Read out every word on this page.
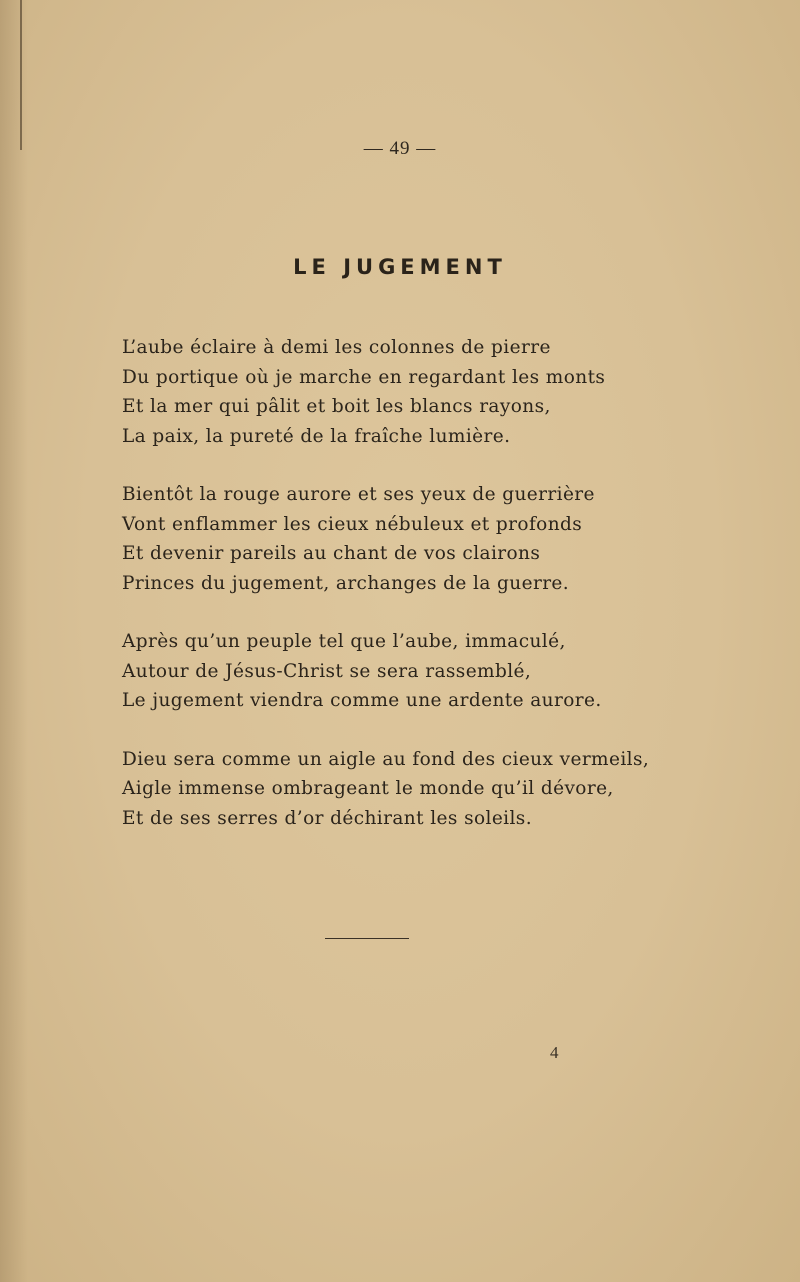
— 49 —
LE JUGEMENT
L’aube éclaire à demi les colonnes de pierre
Du portique où je marche en regardant les monts
Et la mer qui pâlit et boit les blancs rayons,
La paix, la pureté de la fraîche lumière.
Bientôt la rouge aurore et ses yeux de guerrière
Vont enflammer les cieux nébuleux et profonds
Et devenir pareils au chant de vos clairons
Princes du jugement, archanges de la guerre.
Après qu’un peuple tel que l’aube, immaculé,
Autour de Jésus-Christ se sera rassemblé,
Le jugement viendra comme une ardente aurore.
Dieu sera comme un aigle au fond des cieux vermeils,
Aigle immense ombrageant le monde qu’il dévore,
Et de ses serres d’or déchirant les soleils.
4
